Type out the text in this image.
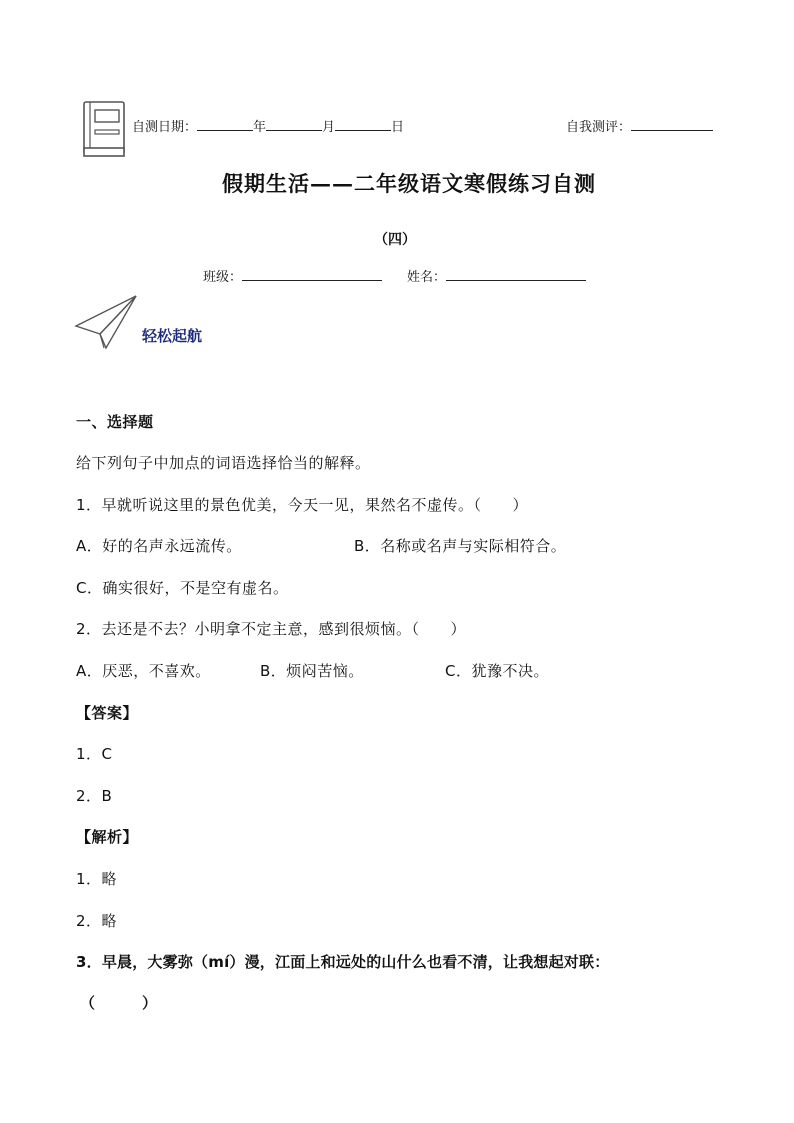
自测日期：	年	月	日	自我测评：
假期生活——二年级语文寒假练习自测
（四）
班级：	姓名：
轻松起航
一、选择题
给下列句子中加点的词语选择恰当的解释。
1．早就听说这里的景色优美，今天一见，果然名不虚传。（　　）
A．好的名声永远流传。	B．名称或名声与实际相符合。
C．确实很好，不是空有虚名。
2．去还是不去？小明拿不定主意，感到很烦恼。（　　）
A．厌恶，不喜欢。	B．烦闷苦恼。	C．犹豫不决。
【答案】
1．C
2．B
【解析】
1．略
2．略
3．早晨，大雾弥（mí）漫，江面上和远处的山什么也看不清，让我想起对联：
（　　　）
